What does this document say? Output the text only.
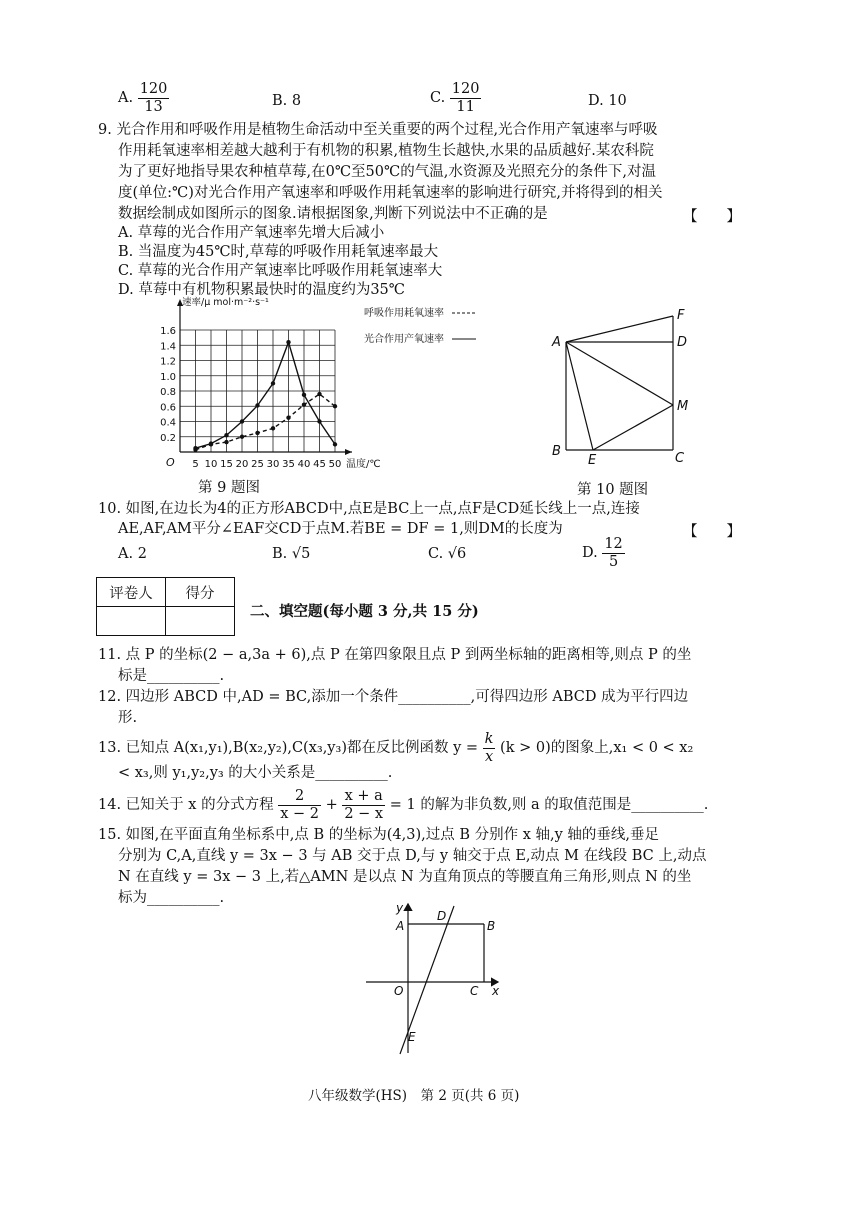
A. $\frac{120}{13}$	B. 8	C. $\frac{120}{11}$	D. 10
9. 光合作用和呼吸作用是植物生命活动中至关重要的两个过程,光合作用产氧速率与呼吸
作用耗氧速率相差越大越利于有机物的积累,植物生长越快,水果的品质越好.某农科院
为了更好地指导果农种植草莓,在0℃至50℃的气温,水资源及光照充分的条件下,对温
度(单位:℃)对光合作用产氧速率和呼吸作用耗氧速率的影响进行研究,并将得到的相关
数据绘制成如图所示的图象.请根据图象,判断下列说法中不正确的是	【　　】
A. 草莓的光合作用产氧速率先增大后减小
B. 当温度为45℃时,草莓的呼吸作用耗氧速率最大
C. 草莓的光合作用产氧速率比呼吸作用耗氧速率大
D. 草莓中有机物积累最快时的温度约为35℃
5 10 15 20 25 30 35 40 45 50
0.2
0.4
0.6
0.8
1.0
1.2
1.4
1.6
O
速率/μ mol·m⁻²·s⁻¹
温度/℃
呼吸作用耗氧速率
光合作用产氧速率
第 9 题图
A
B	C
D
E
F
M
第 10 题图
10. 如图,在边长为4的正方形ABCD中,点E是BC上一点,点F是CD延长线上一点,连接
AE,AF,AM平分∠EAF交CD于点M.若BE = DF = 1,则DM的长度为	【　　】
A. 2	B. √5	C. √6	D. $\frac{12}{5}$
评卷人	得分

二、填空题(每小题 3 分,共 15 分)
11. 点 P 的坐标(2 − a,3a + 6),点 P 在第四象限且点 P 到两坐标轴的距离相等,则点 P 的坐
标是__________.
12. 四边形 ABCD 中,AD = BC,添加一个条件__________,可得四边形 ABCD 成为平行四边
形.
13. 已知点 A(x₁,y₁),B(x₂,y₂),C(x₃,y₃)都在反比例函数 $y = \frac{k}{x} (k > 0)$的图象上,x₁ < 0 < x₂
< x₃,则 y₁,y₂,y₃ 的大小关系是__________.
14. 已知关于 x 的分式方程 $\frac{2}{x - 2} + \frac{x + a}{2 - x} = 1$ 的解为非负数,则 a 的取值范围是__________.
15. 如图,在平面直角坐标系中,点 B 的坐标为(4,3),过点 B 分别作 x 轴,y 轴的垂线,垂足
分别为 C,A,直线 y = 3x − 3 与 AB 交于点 D,与 y 轴交于点 E,动点 M 在线段 BC 上,动点
N 在直线 y = 3x − 3 上,若△AMN 是以点 N 为直角顶点的等腰直角三角形,则点 N 的坐
标为__________.
y
x
O
A	B
C
D
E
八年级数学(HS)　第 2 页(共 6 页)
